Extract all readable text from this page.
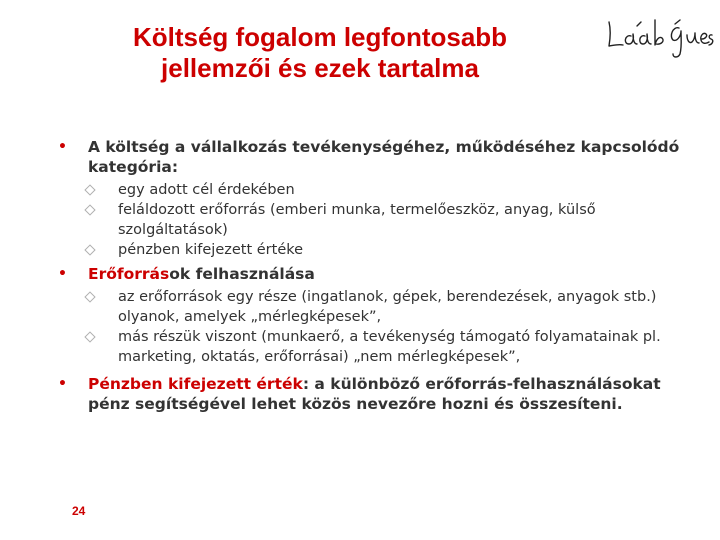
Költség fogalom legfontosabb
jellemzői és ezek tartalma
• A költség a vállalkozás tevékenységéhez, működéséhez kapcsolódó kategória:
egy adott cél érdekében
feláldozott erőforrás (emberi munka, termelőeszköz, anyag, külső szolgáltatások)
pénzben kifejezett értéke
• Erőforrások felhasználása
az erőforrások egy része (ingatlanok, gépek, berendezések, anyagok stb.) olyanok, amelyek „mérlegképesek”,
más részük viszont (munkaerő, a tevékenység támogató folyamatainak pl. marketing, oktatás, erőforrásai) „nem mérlegképesek”,
• Pénzben kifejezett érték: a különböző erőforrás-felhasználásokat pénz segítségével lehet közös nevezőre hozni és összesíteni.
24
